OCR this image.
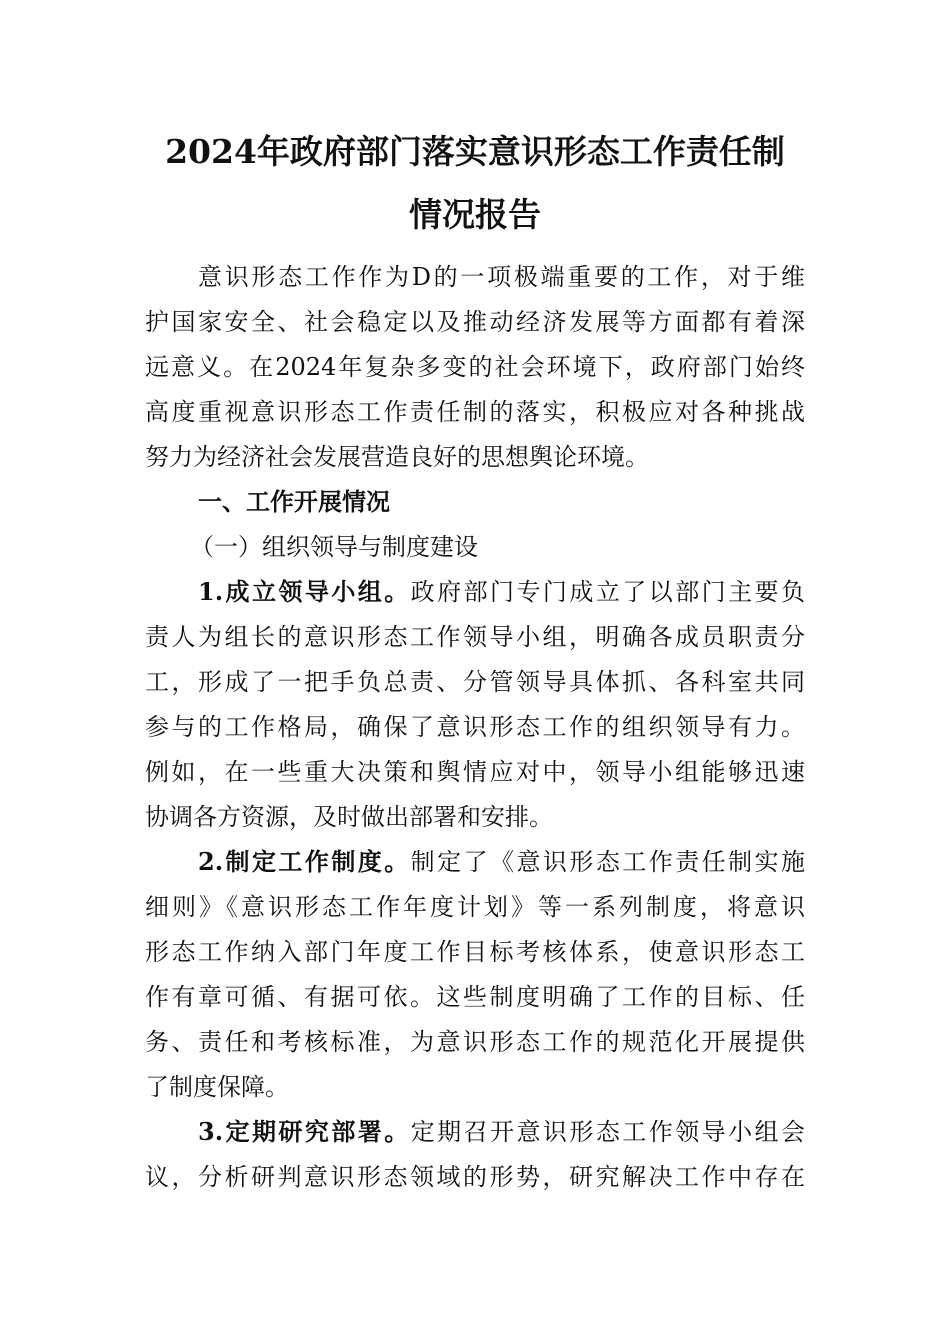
2024年政府部门落实意识形态工作责任制
情况报告
意识形态工作作为D的一项极端重要的工作，对于维
护国家安全、社会稳定以及推动经济发展等方面都有着深
远意义。在2024年复杂多变的社会环境下，政府部门始终
高度重视意识形态工作责任制的落实，积极应对各种挑战
努力为经济社会发展营造良好的思想舆论环境。
一、工作开展情况
（一）组织领导与制度建设
1.成立领导小组。政府部门专门成立了以部门主要负
责人为组长的意识形态工作领导小组，明确各成员职责分
工，形成了一把手负总责、分管领导具体抓、各科室共同
参与的工作格局，确保了意识形态工作的组织领导有力。
例如，在一些重大决策和舆情应对中，领导小组能够迅速
协调各方资源，及时做出部署和安排。
2.制定工作制度。制定了《意识形态工作责任制实施
细则》《意识形态工作年度计划》等一系列制度，将意识
形态工作纳入部门年度工作目标考核体系，使意识形态工
作有章可循、有据可依。这些制度明确了工作的目标、任
务、责任和考核标准，为意识形态工作的规范化开展提供
了制度保障。
3.定期研究部署。定期召开意识形态工作领导小组会
议，分析研判意识形态领域的形势，研究解决工作中存在
